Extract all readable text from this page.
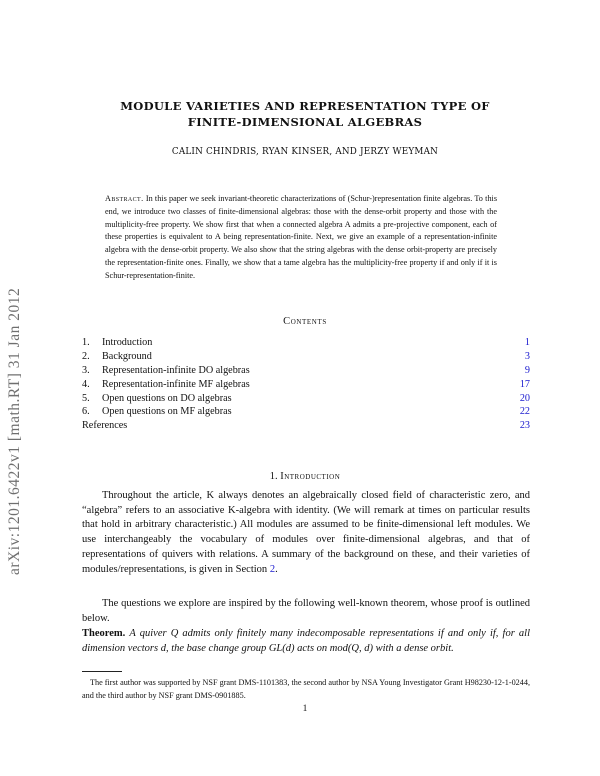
arXiv:1201.6422v1 [math.RT] 31 Jan 2012
MODULE VARIETIES AND REPRESENTATION TYPE OF
FINITE-DIMENSIONAL ALGEBRAS
CALIN CHINDRIS, RYAN KINSER, AND JERZY WEYMAN
Abstract. In this paper we seek invariant-theoretic characterizations of (Schur-)representation finite algebras. To this end, we introduce two classes of finite-dimensional algebras: those with the dense-orbit property and those with the multiplicity-free property. We show first that when a connected algebra A admits a pre-projective component, each of these properties is equivalent to A being representation-finite. Next, we give an example of a representation-infinite algebra with the dense-orbit property. We also show that the string algebras with the dense orbit-property are precisely the representation-finite ones. Finally, we show that a tame algebra has the multiplicity-free property if and only if it is Schur-representation-finite.
Contents
1. Introduction	1
2. Background	3
3. Representation-infinite DO algebras	9
4. Representation-infinite MF algebras	17
5. Open questions on DO algebras	20
6. Open questions on MF algebras	22
References	23
1. Introduction
Throughout the article, K always denotes an algebraically closed field of characteristic zero, and “algebra” refers to an associative K-algebra with identity. (We will remark at times on particular results that hold in arbitrary characteristic.) All modules are assumed to be finite-dimensional left modules. We use interchangeably the vocabulary of modules over finite-dimensional algebras, and that of representations of quivers with relations. A summary of the background on these, and their varieties of modules/representations, is given in Section 2.
The questions we explore are inspired by the following well-known theorem, whose proof is outlined below.
Theorem. A quiver Q admits only finitely many indecomposable representations if and only if, for all dimension vectors d, the base change group GL(d) acts on mod(Q, d) with a dense orbit.
The first author was supported by NSF grant DMS-1101383, the second author by NSA Young Investigator Grant H98230-12-1-0244, and the third author by NSF grant DMS-0901885.
1
